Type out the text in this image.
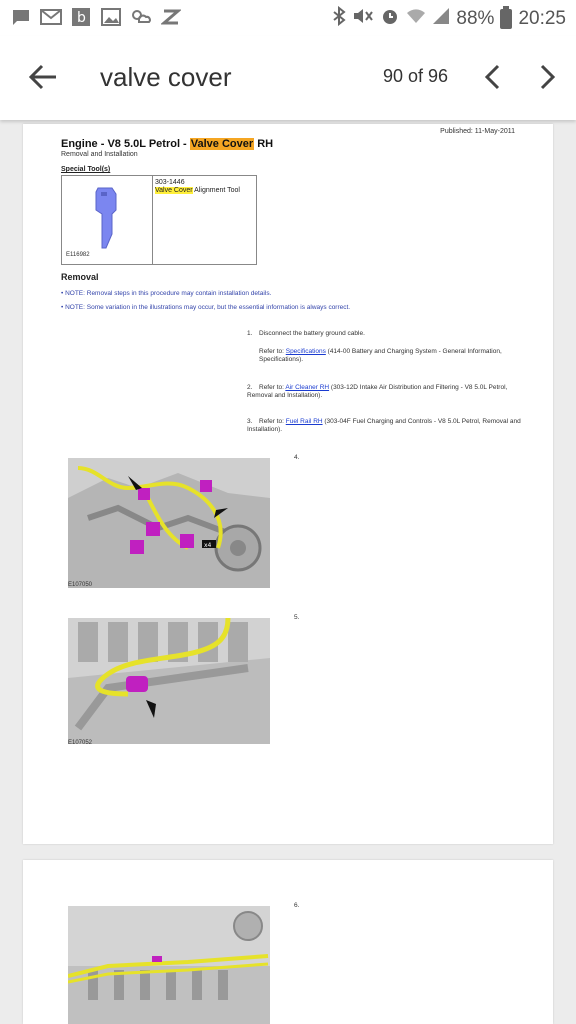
b	88% 20:25
valve cover	90 of 96
Published: 11-May-2011
Engine - V8 5.0L Petrol - Valve Cover RH
Removal and Installation
Special Tool(s)
E116982
303-1446
Valve Cover Alignment Tool
Removal
• NOTE: Removal steps in this procedure may contain installation details.
• NOTE: Some variation in the illustrations may occur, but the essential information is always correct.
1. Disconnect the battery ground cable.
Refer to: Specifications (414-00 Battery and Charging System - General Information, Specifications).
2. Refer to: Air Cleaner RH (303-12D Intake Air Distribution and Filtering - V8 5.0L Petrol, Removal and Installation).
3. Refer to: Fuel Rail RH (303-04F Fuel Charging and Controls - V8 5.0L Petrol, Removal and Installation).
x4
E107050
4.
E107052
5.
6.
